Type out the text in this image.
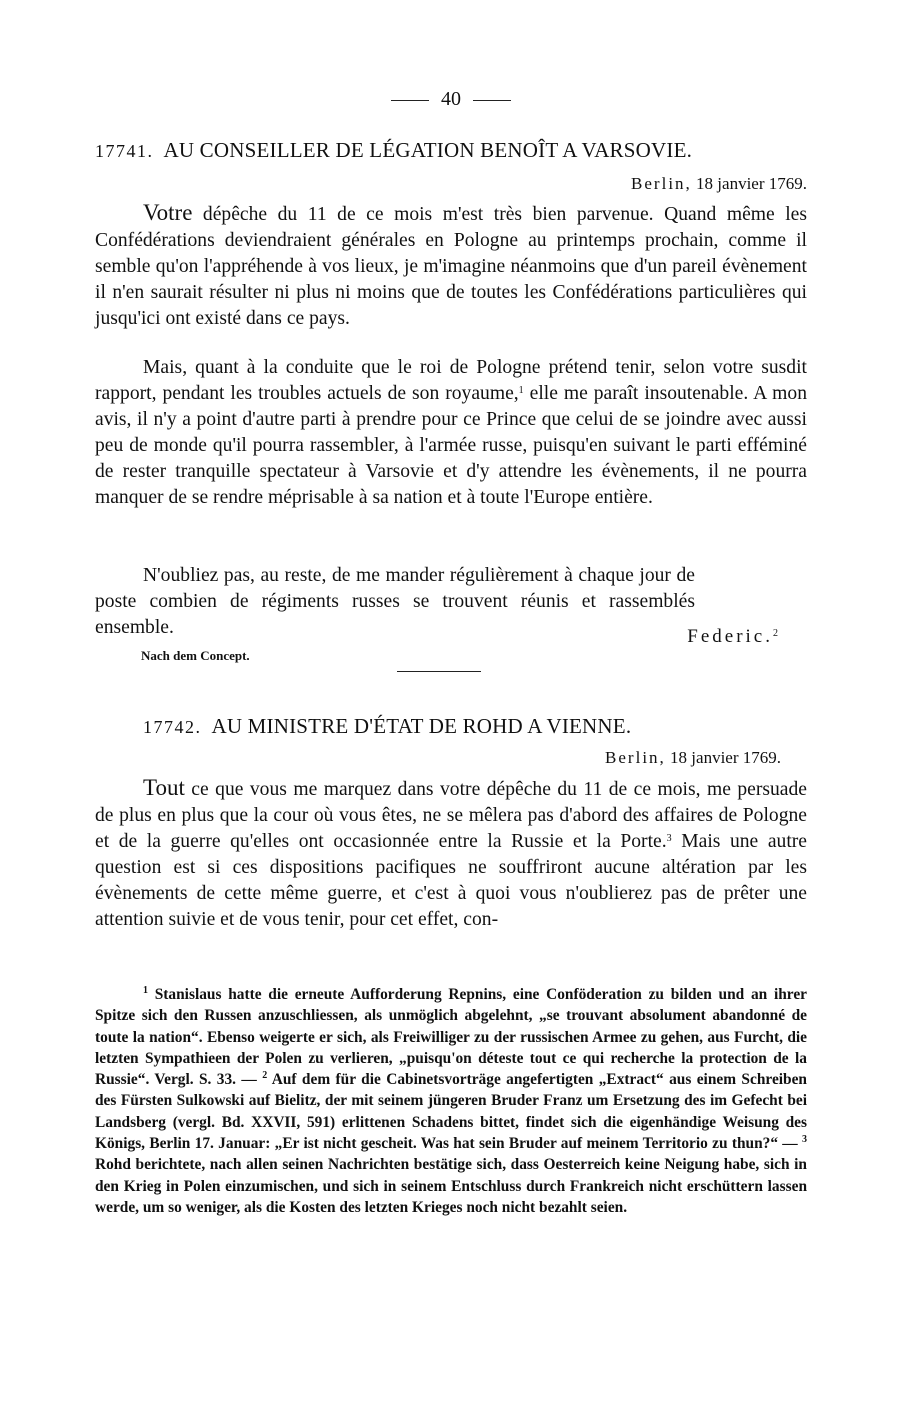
40
17741. AU CONSEILLER DE LÉGATION BENOÎT A VARSOVIE.
Berlin, 18 janvier 1769.

Votre dépêche du 11 de ce mois m'est très bien parvenue. Quand même les Confédérations deviendraient générales en Pologne au printemps prochain, comme il semble qu'on l'appréhende à vos lieux, je m'imagine néanmoins que d'un pareil évènement il n'en saurait résulter ni plus ni moins que de toutes les Confédérations particulières qui jusqu'ici ont existé dans ce pays.

Mais, quant à la conduite que le roi de Pologne prétend tenir, selon votre susdit rapport, pendant les troubles actuels de son royaume,$^1$ elle me paraît insoutenable. A mon avis, il n'y a point d'autre parti à prendre pour ce Prince que celui de se joindre avec aussi peu de monde qu'il pourra rassembler, à l'armée russe, puisqu'en suivant le parti efféminé de rester tranquille spectateur à Varsovie et d'y attendre les évènements, il ne pourra manquer de se rendre méprisable à sa nation et à toute l'Europe entière.

N'oubliez pas, au reste, de me mander régulièrement à chaque jour de poste combien de régiments russes se trouvent réunis et rassemblés ensemble.	Federic.$^2$
Nach dem Concept.
17742. AU MINISTRE D'ÉTAT DE ROHD A VIENNE.
Berlin, 18 janvier 1769.

Tout ce que vous me marquez dans votre dépêche du 11 de ce mois, me persuade de plus en plus que la cour où vous êtes, ne se mêlera pas d'abord des affaires de Pologne et de la guerre qu'elles ont occasionnée entre la Russie et la Porte.$^3$ Mais une autre question est si ces dispositions pacifiques ne souffriront aucune altération par les évènements de cette même guerre, et c'est à quoi vous n'oublierez pas de prêter une attention suivie et de vous tenir, pour cet effet, con-

$^1$ Stanislaus hatte die erneute Aufforderung Repnins, eine Conföderation zu bilden und an ihrer Spitze sich den Russen anzuschliessen, als unmöglich abgelehnt, „se trouvant absolument abandonné de toute la nation“. Ebenso weigerte er sich, als Freiwilliger zu der russischen Armee zu gehen, aus Furcht, die letzten Sympathieen der Polen zu verlieren, „puisqu'on déteste tout ce qui recherche la protection de la Russie“. Vergl. S. 33. — $^2$ Auf dem für die Cabinetsvorträge angefertigten „Extract“ aus einem Schreiben des Fürsten Sulkowski auf Bielitz, der mit seinem jüngeren Bruder Franz um Ersetzung des im Gefecht bei Landsberg (vergl. Bd. XXVII, 591) erlittenen Schadens bittet, findet sich die eigenhändige Weisung des Königs, Berlin 17. Januar: „Er ist nicht gescheit. Was hat sein Bruder auf meinem Territorio zu thun?“ — $^3$ Rohd berichtete, nach allen seinen Nachrichten bestätige sich, dass Oesterreich keine Neigung habe, sich in den Krieg in Polen einzumischen, und sich in seinem Entschluss durch Frankreich nicht erschüttern lassen werde, um so weniger, als die Kosten des letzten Krieges noch nicht bezahlt seien.
